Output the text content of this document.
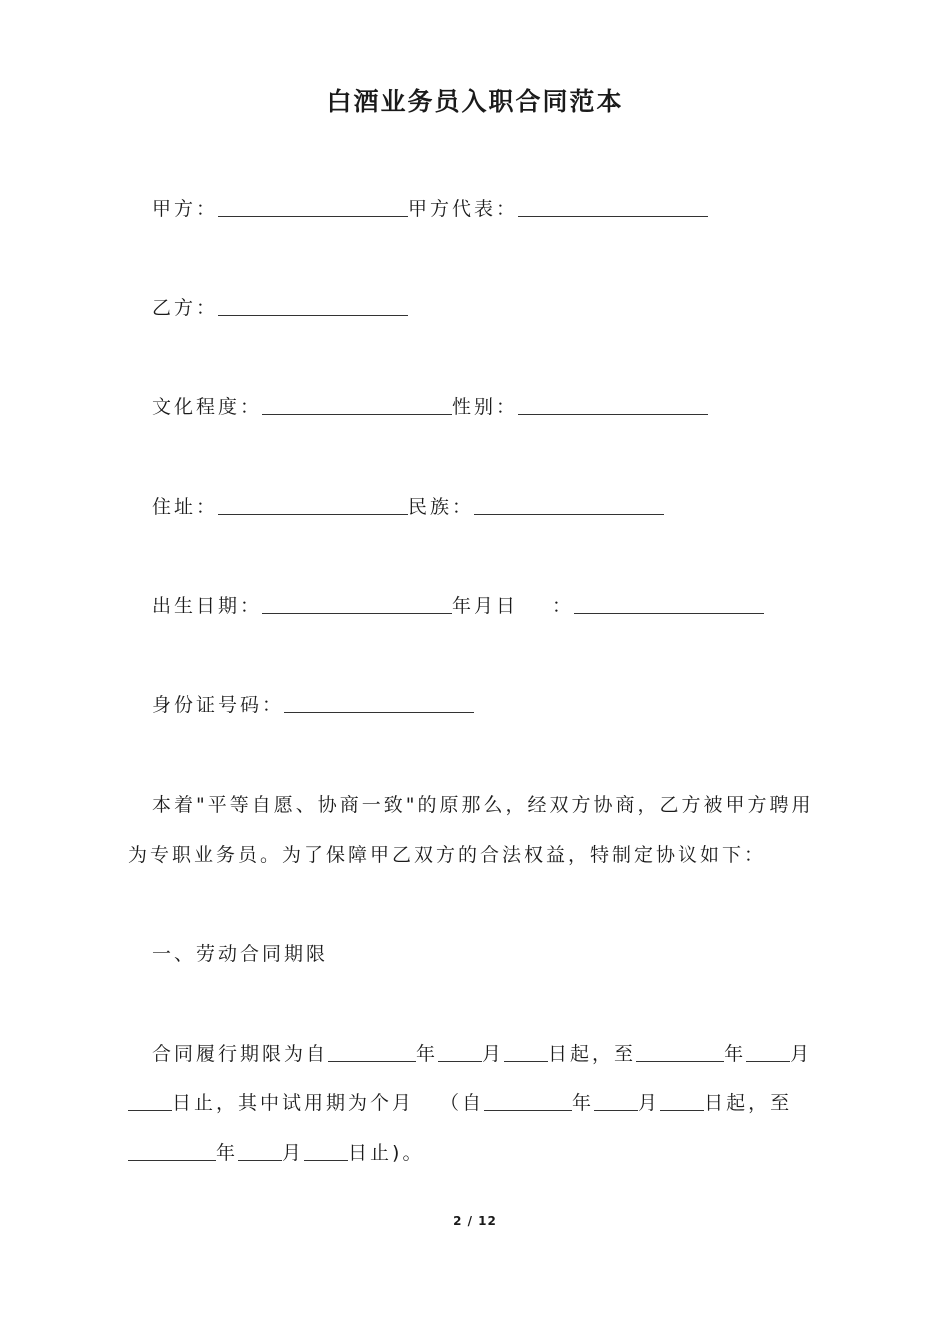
白酒业务员入职合同范本
甲方：	甲方代表：
乙方：
文化程度：	性别：
住址：	民族：
出生日期：	年月日 ：
身份证号码：
本着"平等自愿、协商一致"的原那么，经双方协商，乙方被甲方聘用
为专职业务员。为了保障甲乙双方的合法权益，特制定协议如下：
一、劳动合同期限
合同履行期限为自	年 月 日起，至	年 月
日止，其中试用期为个月 （自	年 月 日起，至
年 月 日止)。
2 / 12
